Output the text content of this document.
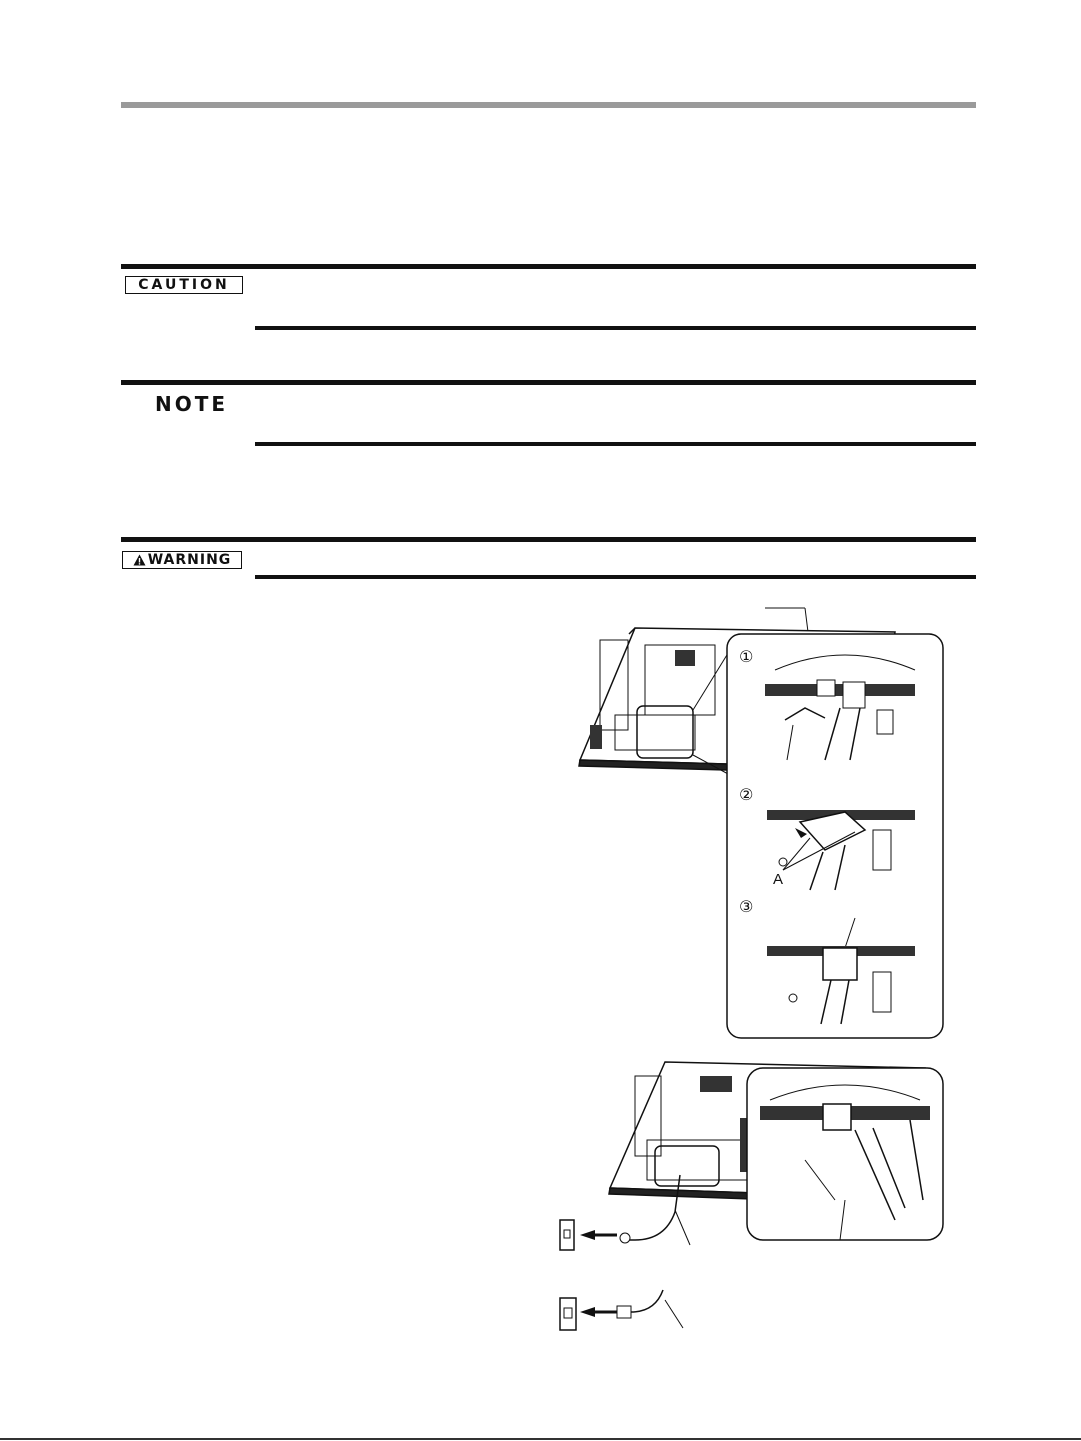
CAUTION
NOTE
WARNING
①
②
A
③
